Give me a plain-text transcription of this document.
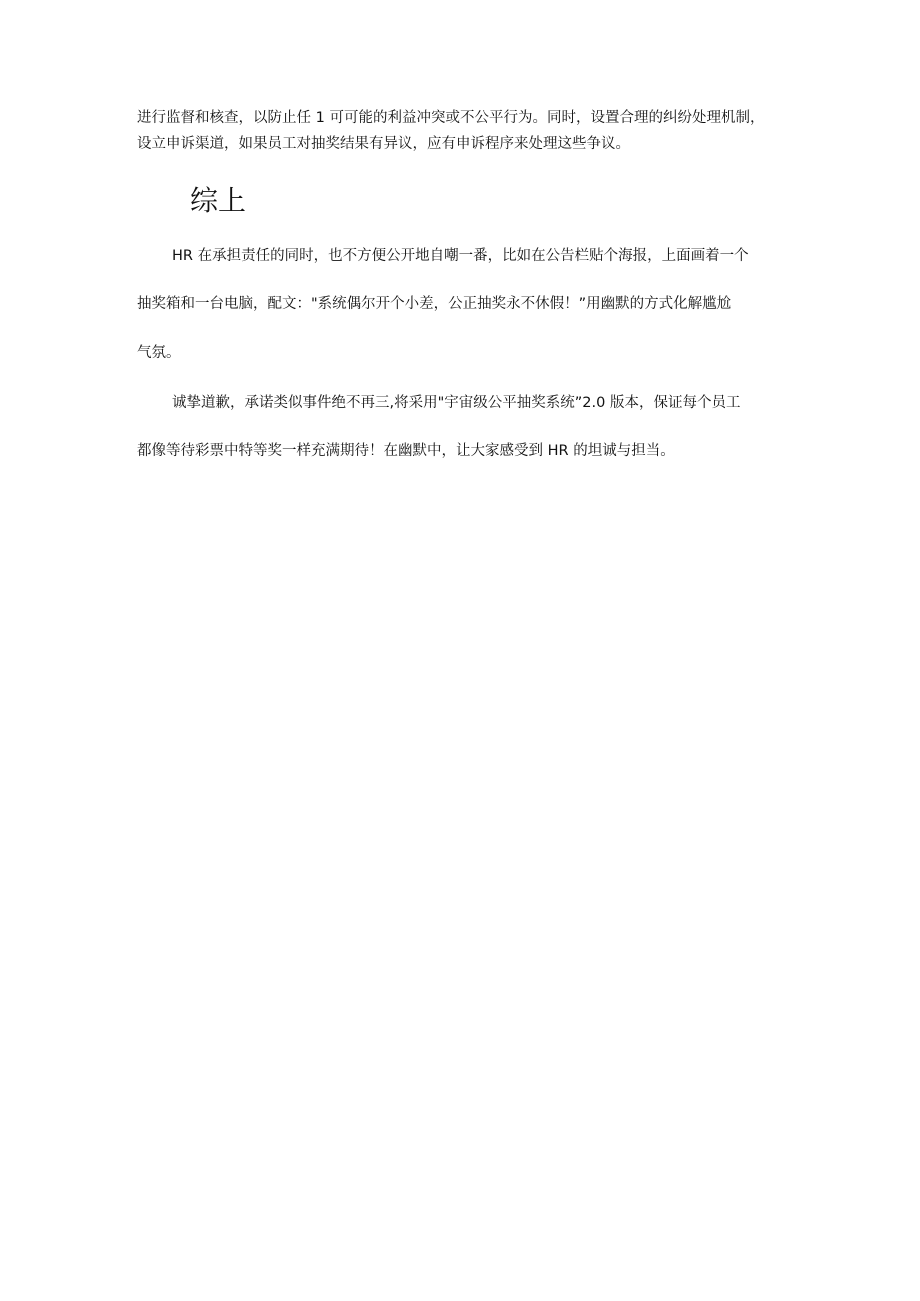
进行监督和核查，以防止任 1 可可能的利益冲突或不公平行为。同时，设置合理的纠纷处理机制，

设立申诉渠道，如果员工对抽奖结果有异议，应有申诉程序来处理这些争议。

综上

HR 在承担责任的同时，也不方便公开地自嘲一番，比如在公告栏贴个海报，上面画着一个

抽奖箱和一台电脑，配文："系统偶尔开个小差，公正抽奖永不休假！”用幽默的方式化解尴尬

气氛。

诚挚道歉，承诺类似事件绝不再三,将采用"宇宙级公平抽奖系统”2.0 版本，保证每个员工

都像等待彩票中特等奖一样充满期待！在幽默中，让大家感受到 HR 的坦诚与担当。
